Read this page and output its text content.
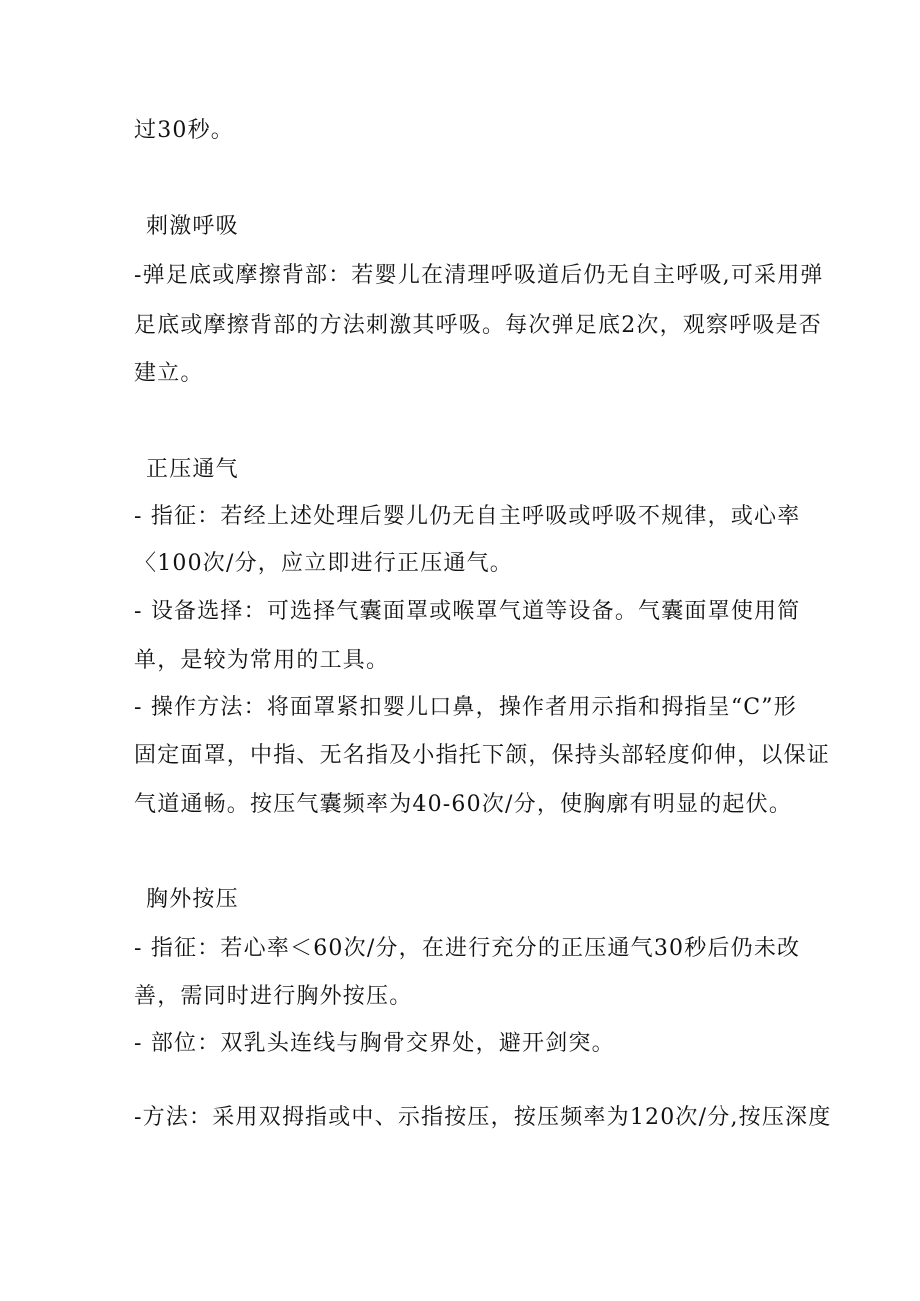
过30秒。
刺激呼吸
-弹足底或摩擦背部：若婴儿在清理呼吸道后仍无自主呼吸,可采用弹
足底或摩擦背部的方法刺激其呼吸。每次弹足底2次，观察呼吸是否
建立。
正压通气
- 指征：若经上述处理后婴儿仍无自主呼吸或呼吸不规律，或心率
〈100次/分，应立即进行正压通气。
- 设备选择：可选择气囊面罩或喉罩气道等设备。气囊面罩使用简
单，是较为常用的工具。
- 操作方法：将面罩紧扣婴儿口鼻，操作者用示指和拇指呈“C”形
固定面罩，中指、无名指及小指托下颌，保持头部轻度仰伸，以保证
气道通畅。按压气囊频率为40-60次/分，使胸廓有明显的起伏。
胸外按压
- 指征：若心率＜60次/分，在进行充分的正压通气30秒后仍未改
善，需同时进行胸外按压。
- 部位：双乳头连线与胸骨交界处，避开剑突。
-方法：采用双拇指或中、示指按压，按压频率为120次/分,按压深度
